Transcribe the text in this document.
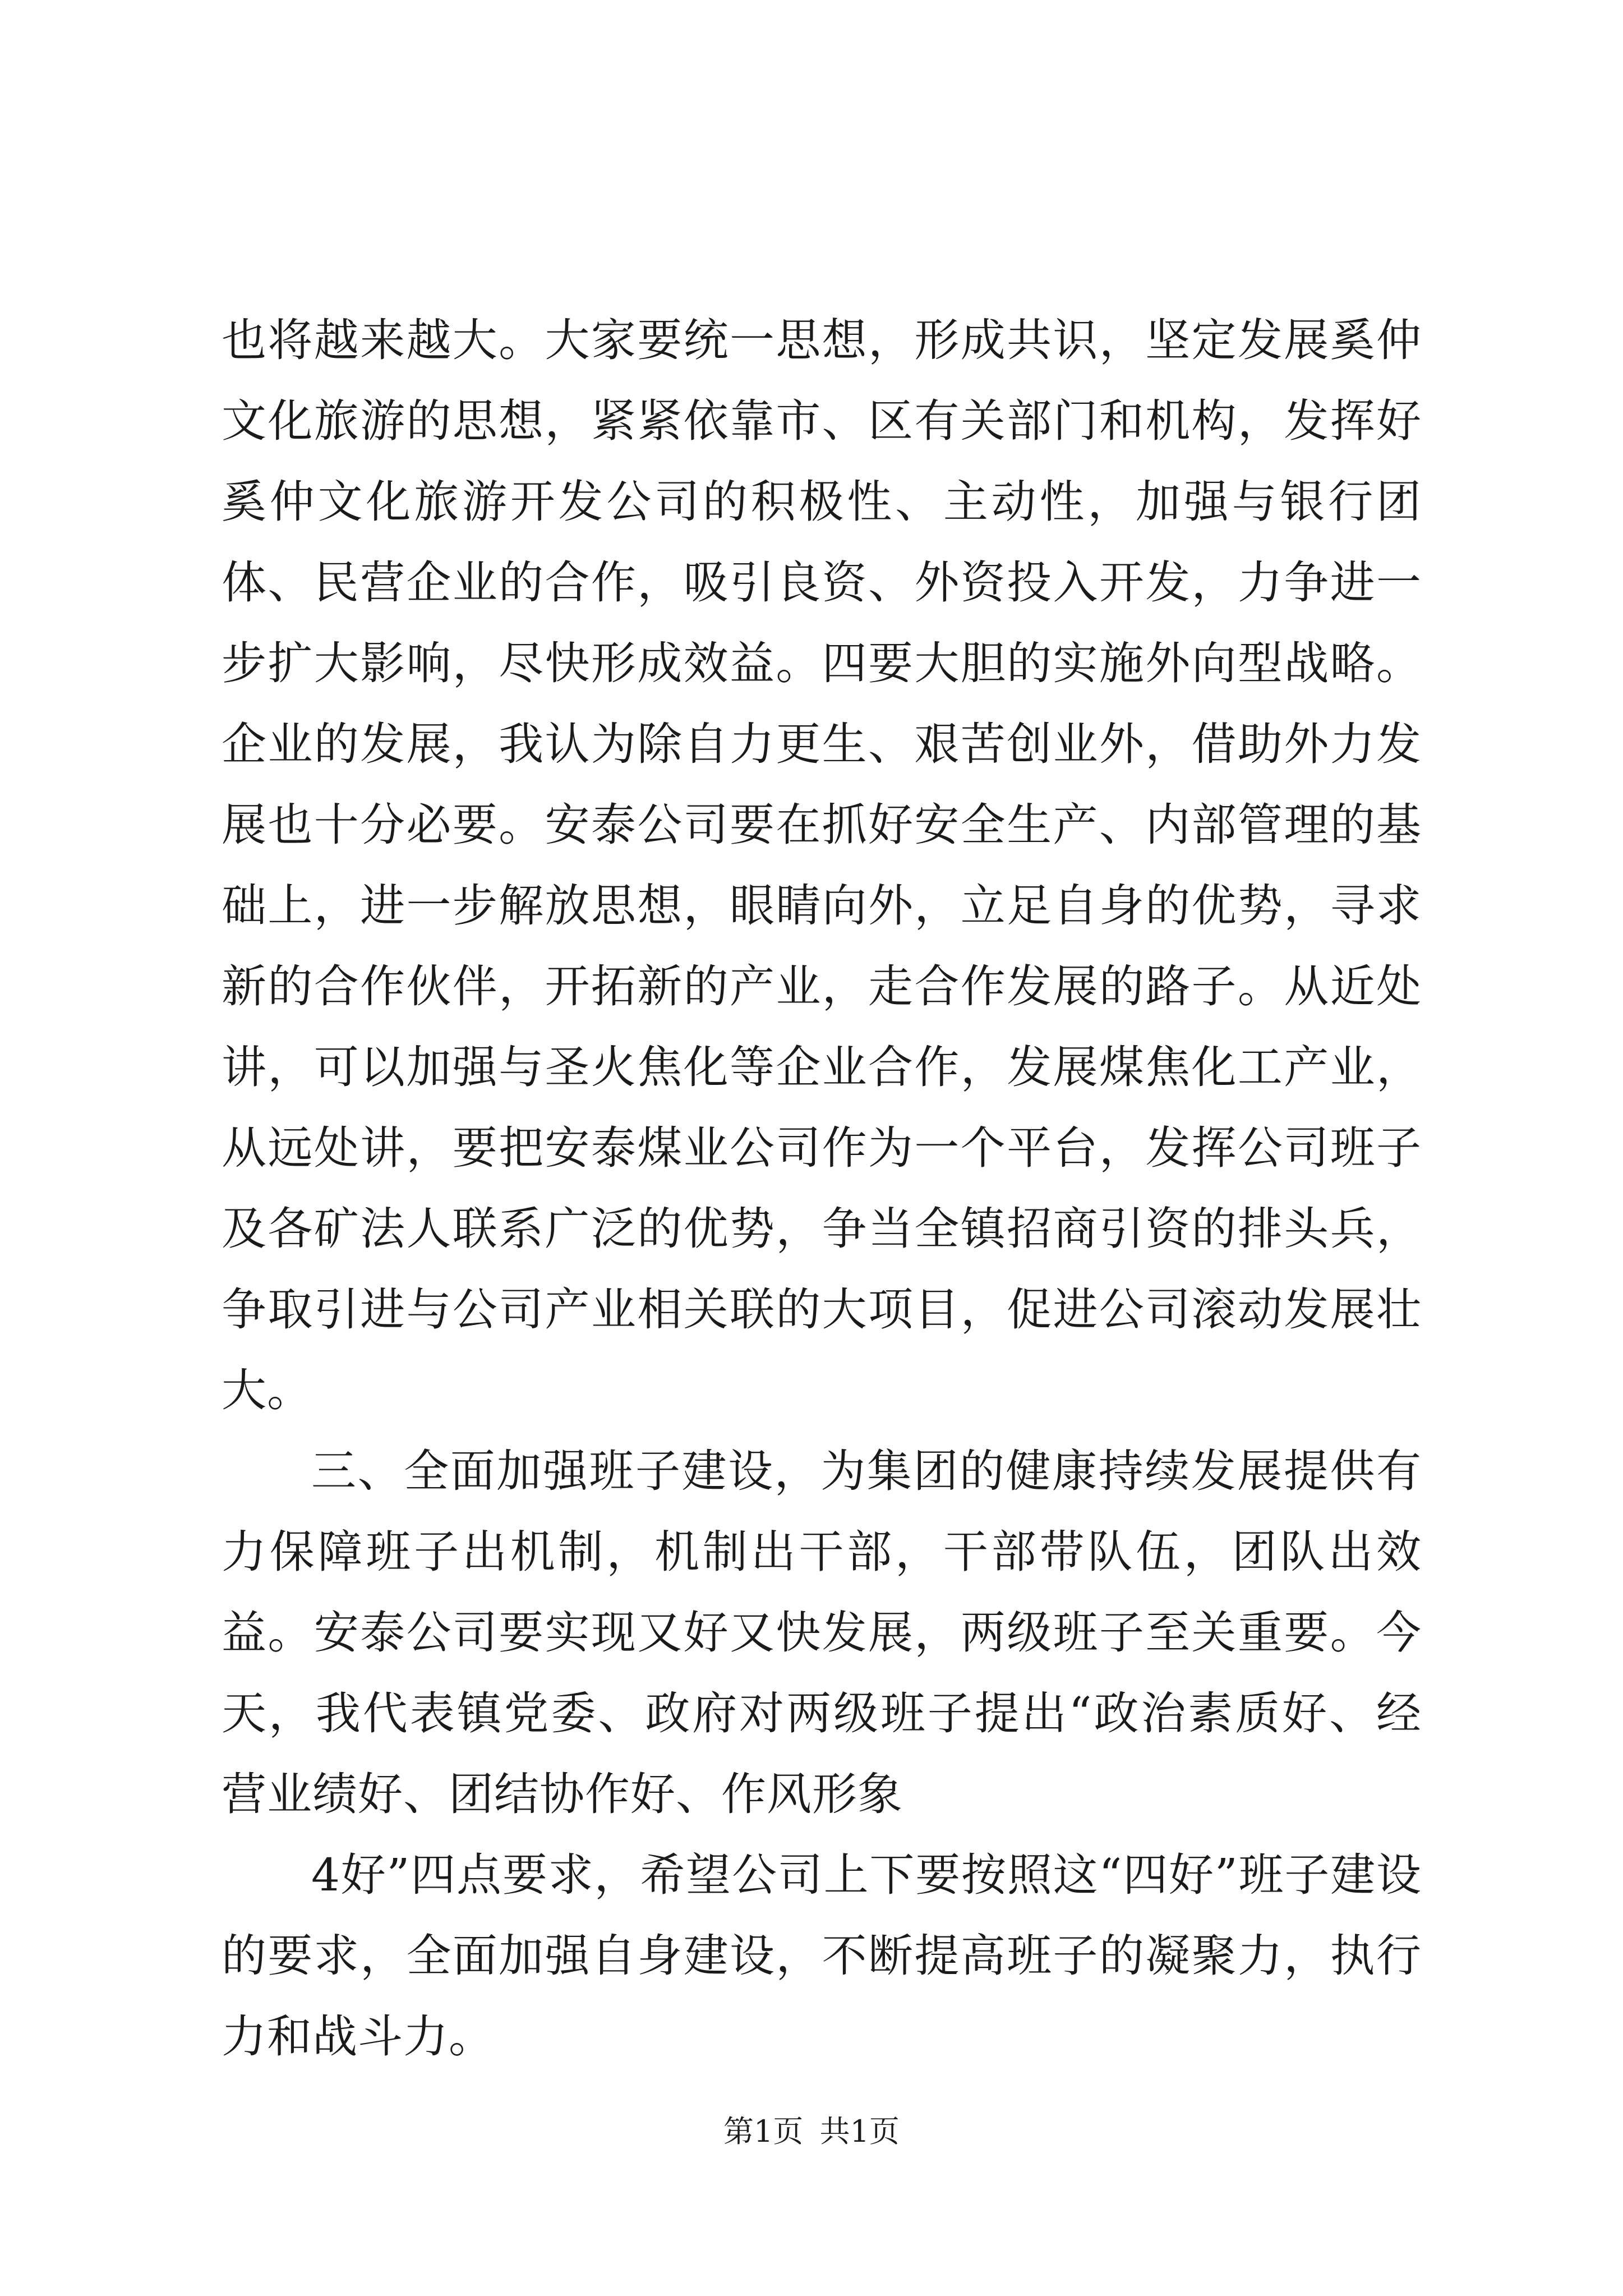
也将越来越大。大家要统一思想，形成共识，坚定发展奚仲文化旅游的思想，紧紧依靠市、区有关部门和机构，发挥好奚仲文化旅游开发公司的积极性、主动性，加强与银行团体、民营企业的合作，吸引良资、外资投入开发，力争进一步扩大影响，尽快形成效益。四要大胆的实施外向型战略。企业的发展，我认为除自力更生、艰苦创业外，借助外力发展也十分必要。安泰公司要在抓好安全生产、内部管理的基础上，进一步解放思想，眼睛向外，立足自身的优势，寻求新的合作伙伴，开拓新的产业，走合作发展的路子。从近处讲，可以加强与圣火焦化等企业合作，发展煤焦化工产业，从远处讲，要把安泰煤业公司作为一个平台，发挥公司班子及各矿法人联系广泛的优势，争当全镇招商引资的排头兵，争取引进与公司产业相关联的大项目，促进公司滚动发展壮大。

三、全面加强班子建设，为集团的健康持续发展提供有力保障班子出机制，机制出干部，干部带队伍，团队出效益。安泰公司要实现又好又快发展，两级班子至关重要。今天，我代表镇党委、政府对两级班子提出“政治素质好、经营业绩好、团结协作好、作风形象

4好”四点要求，希望公司上下要按照这“四好”班子建设的要求，全面加强自身建设，不断提高班子的凝聚力，执行力和战斗力。

第1页 共1页
